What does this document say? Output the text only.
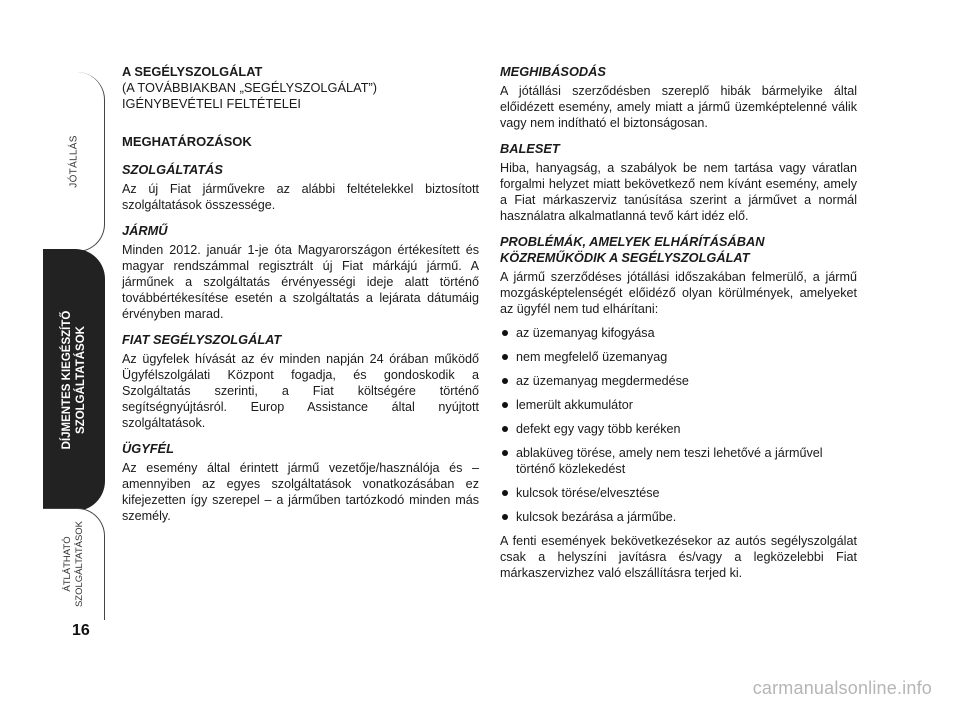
JÓTÁLLÁS
DÍJMENTES KIEGÉSZÍTŐ SZOLGÁLTATÁSOK
ÁTLÁTHATÓ SZOLGÁLTATÁSOK
16
A SEGÉLYSZOLGÁLAT
(A TOVÁBBIAKBAN „SEGÉLYSZOLGÁLAT”)
IGÉNYBEVÉTELI FELTÉTELEI
MEGHATÁROZÁSOK
SZOLGÁLTATÁS

Az új Fiat járművekre az alábbi feltételekkel biztosított szolgáltatások összessége.

JÁRMŰ

Minden 2012. január 1-je óta Magyarországon értékesített és magyar rendszámmal regisztrált új Fiat márkájú jármű. A járműnek a szolgáltatás érvényességi ideje alatt történő továbbértékesítése esetén a szolgáltatás a lejárata dátumáig érvényben marad.

FIAT SEGÉLYSZOLGÁLAT

Az ügyfelek hívását az év minden napján 24 órában működő Ügyfélszolgálati Központ fogadja, és gondoskodik a Szolgáltatás szerinti, a Fiat költségére történő segítségnyújtásról. Europ Assistance által nyújtott szolgáltatások.

ÜGYFÉL

Az esemény által érintett jármű vezetője/használója és – amennyiben az egyes szolgáltatások vonatkozásában ez kifejezetten így szerepel – a járműben tartózkodó minden más személy.

MEGHIBÁSODÁS

A jótállási szerződésben szereplő hibák bármelyike által előidézett esemény, amely miatt a jármű üzemképtelenné válik vagy nem indítható el biztonságosan.

BALESET

Hiba, hanyagság, a szabályok be nem tartása vagy váratlan forgalmi helyzet miatt bekövetkező nem kívánt esemény, amely a Fiat márkaszerviz tanúsítása szerint a járművet a normál használatra alkalmatlanná tevő kárt idéz elő.

PROBLÉMÁK, AMELYEK ELHÁRÍTÁSÁBAN KÖZREMŰKÖDIK A SEGÉLYSZOLGÁLAT

A jármű szerződéses jótállási időszakában felmerülő, a jármű mozgásképtelenségét előidéző olyan körülmények, amelyeket az ügyfél nem tud elhárítani:

az üzemanyag kifogyása
nem megfelelő üzemanyag
az üzemanyag megdermedése
lemerült akkumulátor
defekt egy vagy több keréken
ablaküveg törése, amely nem teszi lehetővé a járművel történő közlekedést
kulcsok törése/elvesztése
kulcsok bezárása a járműbe.

A fenti események bekövetkezésekor az autós segélyszolgálat csak a helyszíni javításra és/vagy a legközelebbi Fiat márkaszervizhez való elszállításra terjed ki.

carmanualsonline.info
